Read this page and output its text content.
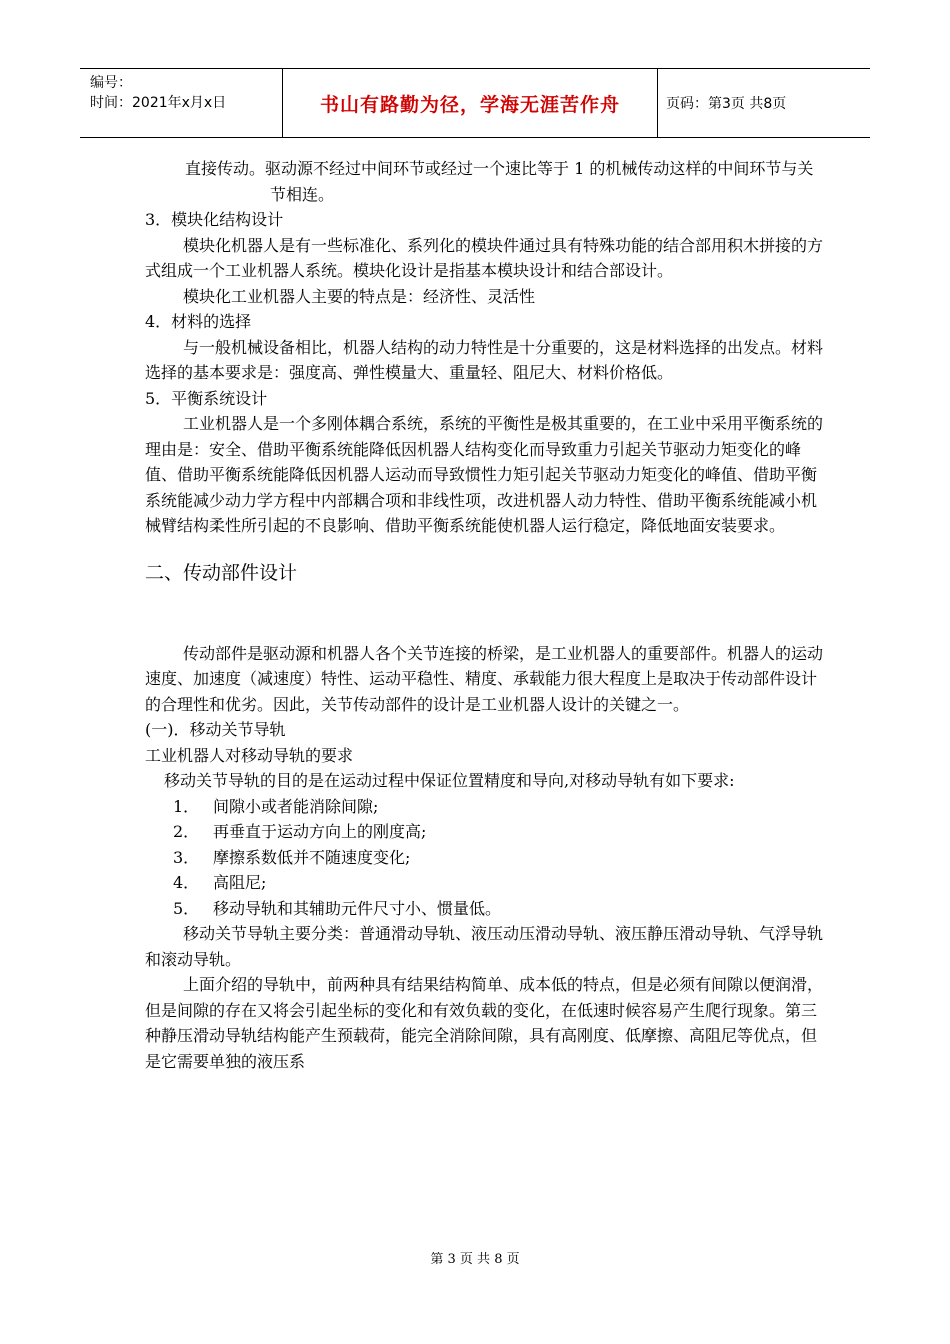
编号：
时间：2021年x月x日	书山有路勤为径，学海无涯苦作舟	页码：第3页 共8页

直接传动。驱动源不经过中间环节或经过一个速比等于 1 的机械传动这样的中间环节与关节相连。

3．模块化结构设计

模块化机器人是有一些标准化、系列化的模块件通过具有特殊功能的结合部用积木拼接的方式组成一个工业机器人系统。模块化设计是指基本模块设计和结合部设计。

模块化工业机器人主要的特点是：经济性、灵活性

4．材料的选择

与一般机械设备相比，机器人结构的动力特性是十分重要的，这是材料选择的出发点。材料选择的基本要求是：强度高、弹性模量大、重量轻、阻尼大、材料价格低。

5．平衡系统设计

工业机器人是一个多刚体耦合系统，系统的平衡性是极其重要的，在工业中采用平衡系统的理由是：安全、借助平衡系统能降低因机器人结构变化而导致重力引起关节驱动力矩变化的峰值、借助平衡系统能降低因机器人运动而导致惯性力矩引起关节驱动力矩变化的峰值、借助平衡系统能减少动力学方程中内部耦合项和非线性项，改进机器人动力特性、借助平衡系统能减小机械臂结构柔性所引起的不良影响、借助平衡系统能使机器人运行稳定，降低地面安装要求。

二、传动部件设计

传动部件是驱动源和机器人各个关节连接的桥梁，是工业机器人的重要部件。机器人的运动速度、加速度（减速度）特性、运动平稳性、精度、承载能力很大程度上是取决于传动部件设计的合理性和优劣。因此，关节传动部件的设计是工业机器人设计的关键之一。

(一)．移动关节导轨

工业机器人对移动导轨的要求

移动关节导轨的目的是在运动过程中保证位置精度和导向,对移动导轨有如下要求:

1． 间隙小或者能消除间隙;

2． 再垂直于运动方向上的刚度高;

3． 摩擦系数低并不随速度变化;

4． 高阻尼;

5． 移动导轨和其辅助元件尺寸小、惯量低。

移动关节导轨主要分类：普通滑动导轨、液压动压滑动导轨、液压静压滑动导轨、气浮导轨和滚动导轨。

上面介绍的导轨中，前两种具有结果结构简单、成本低的特点，但是必须有间隙以便润滑，但是间隙的存在又将会引起坐标的变化和有效负载的变化，在低速时候容易产生爬行现象。第三种静压滑动导轨结构能产生预载荷，能完全消除间隙，具有高刚度、低摩擦、高阻尼等优点，但是它需要单独的液压系

第 3 页 共 8 页
